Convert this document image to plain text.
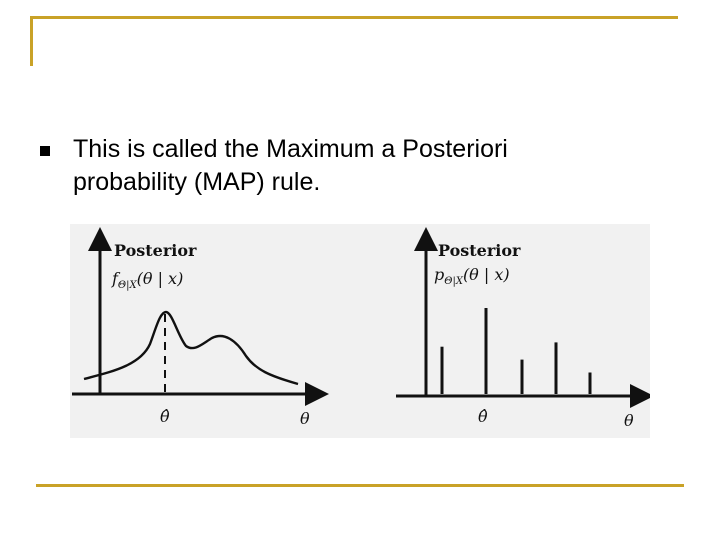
This is called the Maximum a Posteriori
probability (MAP) rule.
Posterior
$f_{\Theta|X}(\theta$ | x)
θ̂	θ
Posterior
$p_{\Theta|X}(\theta$ | x)
θ̂	θ
